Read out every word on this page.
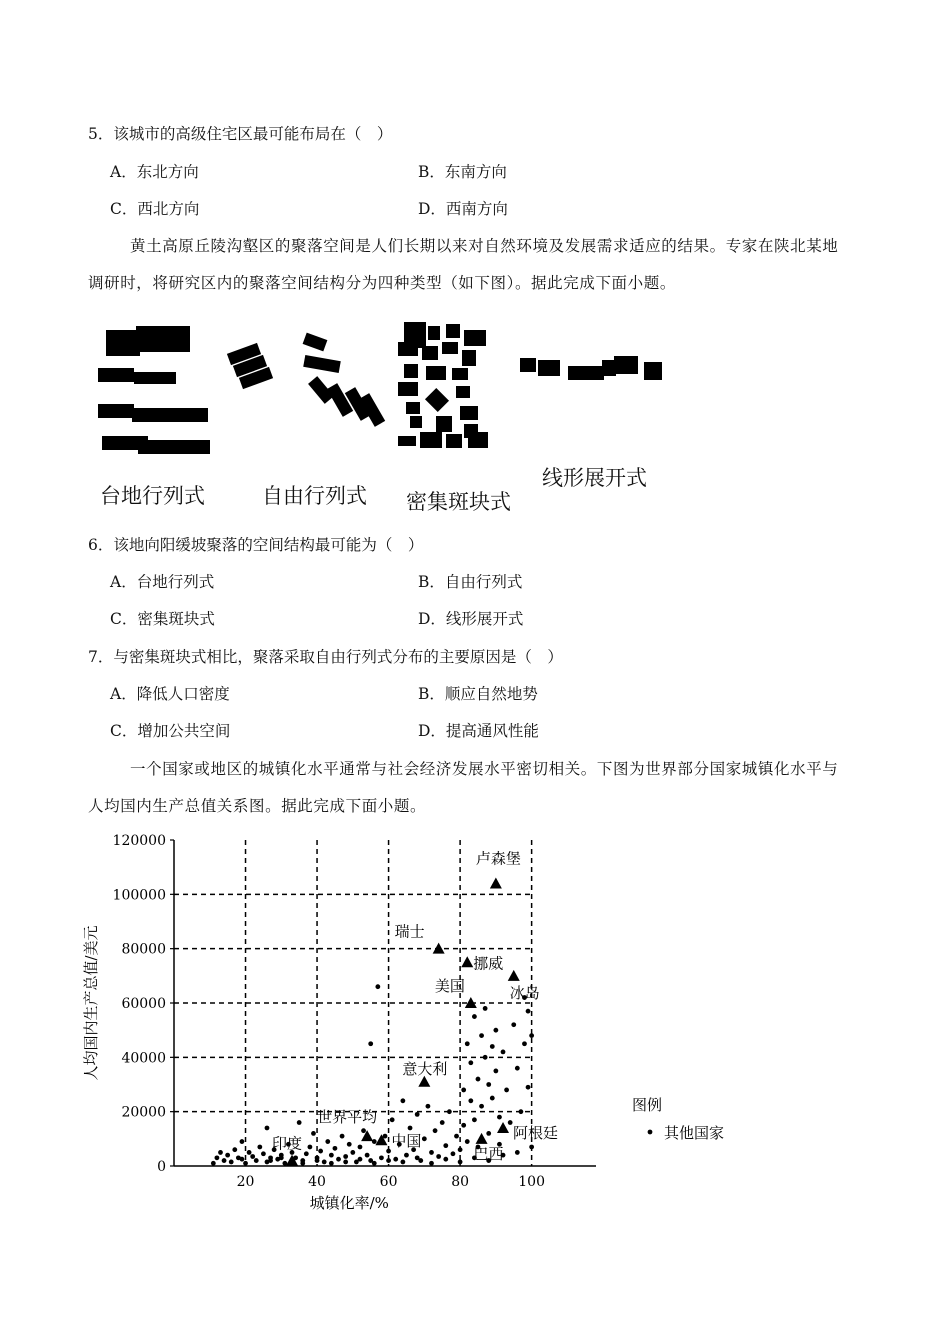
5．该城市的高级住宅区最可能布局在（　）
A．东北方向	B．东南方向
C．西北方向	D．西南方向
黄土高原丘陵沟壑区的聚落空间是人们长期以来对自然环境及发展需求适应的结果。专家在陕北某地
调研时，将研究区内的聚落空间结构分为四种类型（如下图）。据此完成下面小题。
台地行列式	自由行列式 密集斑块式
线形展开式
6．该地向阳缓坡聚落的空间结构最可能为（　）
A．台地行列式	B．自由行列式
C．密集斑块式	D．线形展开式
7．与密集斑块式相比，聚落采取自由行列式分布的主要原因是（　）
A．降低人口密度	B．顺应自然地势
C．增加公共空间	D．提高通风性能
一个国家或地区的城镇化水平通常与社会经济发展水平密切相关。下图为世界部分国家城镇化水平与
人均国内生产总值关系图。据此完成下面小题。
0
20000
40000
60000
80000
100000
120000
20	40	60	80	100
城镇化率/%
人均国内生产总值/美元
卢森堡
瑞士
挪威
冰岛
美国
意大利
世界平均
中国
印度
阿根廷
巴西
图例
其他国家
